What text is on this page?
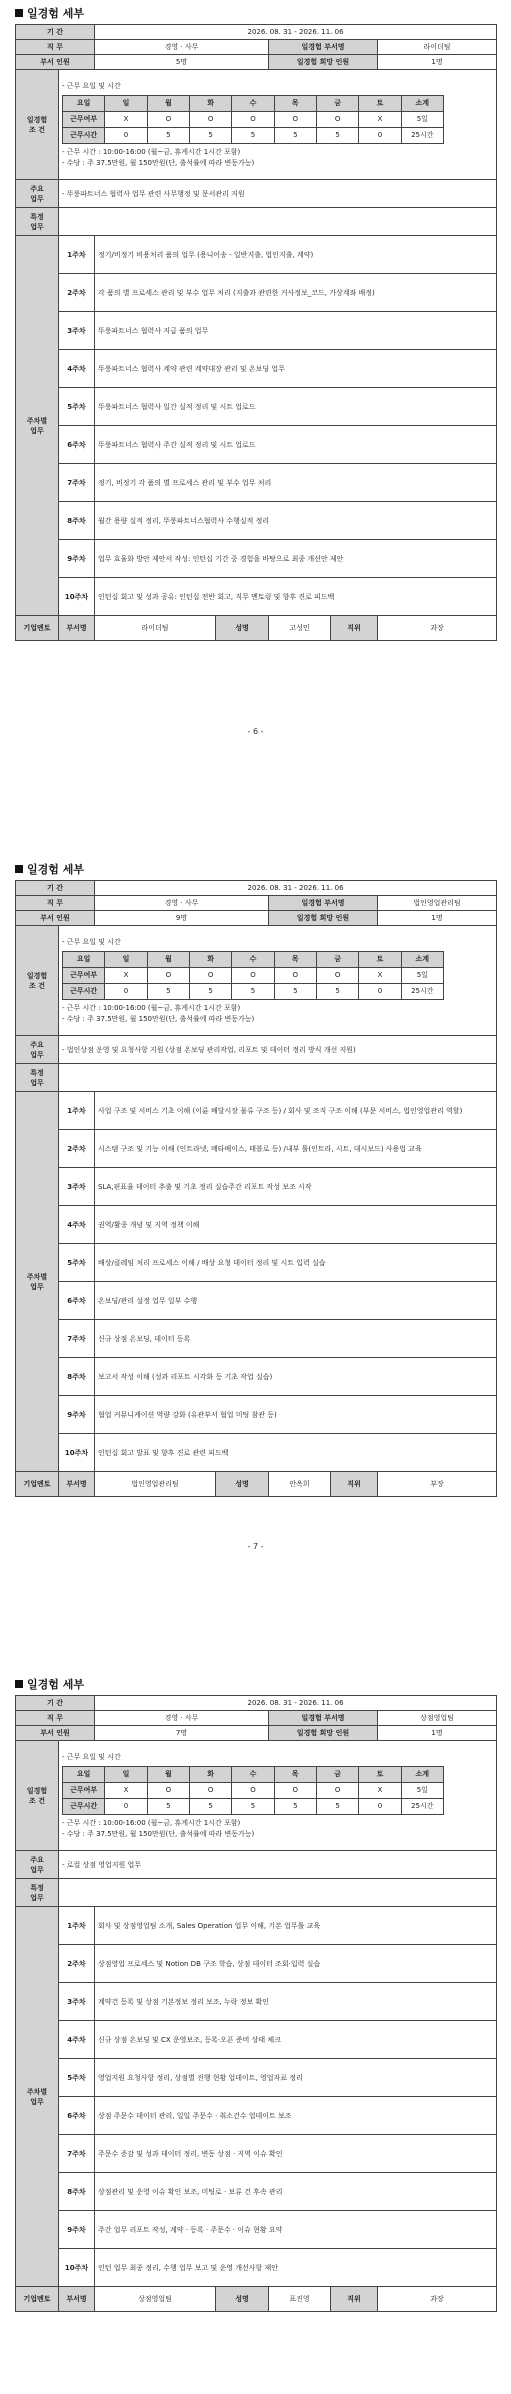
일경험 세부
기 간	2026. 08. 31 - 2026. 11. 06
직 무	경영 · 사무	일경험 부서명	라이더팀
부서 인원	5명	일경험 희망 인원	1명
일경험
조 건	
- 근무 요일 및 시간
요일	일	월	화	수	목	금	토	소계
근무여부	X	O	O	O	O	O	X	5일
근무시간	0	5	5	5	5	5	0	25시간
- 근무 시간 : 10:00-16:00 (월~금, 휴게시간 1시간 포함)
- 수당 : 주 37.5만원, 월 150만원(단, 출석률에 따라 변동가능)

주요
업무	- 뚜룽파트너스 협력사 업무 관련 사무행정 및 문서관리 지원
특정
업무	
주차별
업무	1주차	정기/비정기 비용처리 품의 업무 (용니어송 - 일반지출, 법인지출, 계약)
2주차	각 품의 별 프로세스 관리 및 부수 업무 처리 (지출과 관련한 거사정보_코드, 가상계좌 배정)
3주차	뚜룽파트너스 협력사 지급 품의 업무
4주차	뚜룽파트너스 협력사 계약 관련 계약대장 관리 및 온보딩 업무
5주차	뚜룽파트너스 협력사 일간 실적 정리 및 시트 업로드
6주차	뚜룽파트너스 협력사 주간 실적 정리 및 시트 업로드
7주차	정기, 비정기 각 품의 별 프로세스 관리 및 부수 업무 처리
8주차	월간 용량 실적 정리, 뚜룽파트너스협력사 수행실적 정리
9주차	업무 효율화 방안 제안서 작성: 인턴십 기간 중 경험을 바탕으로 최종 개선안 제안
10주차	인턴십 회고 및 성과 공유: 인턴십 전반 회고, 직무 멘토링 및 향후 진로 피드백
기업멘토	부서명	라이더팀	성명	고성민	직위	과장
- 6 -
일경험 세부
기 간	2026. 08. 31 - 2026. 11. 06
직 무	경영 · 사무	일경험 부서명	법인영업관리팀
부서 인원	9명	일경험 희망 인원	1명
일경험
조 건	
- 근무 요일 및 시간
요일	일	월	화	수	목	금	토	소계
근무여부	X	O	O	O	O	O	X	5일
근무시간	0	5	5	5	5	5	0	25시간
- 근무 시간 : 10:00-16:00 (월~금, 휴게시간 1시간 포함)
- 수당 : 주 37.5만원, 월 150만원(단, 출석률에 따라 변동가능)

주요
업무	- 법인상점 운영 및 요청사항 지원 (상점 온보딩 관리작업, 리포트 및 데이터 정리 방식 개선 지원)
특정
업무	
주차별
업무	1주차	사업 구조 및 서비스 기초 이해 (이륜 배달시장 물류 구조 등) / 회사 및 조직 구조 이해 (부문 서비스, 법인영업관리 역할)
2주차	시스템 구조 및 기능 이해 (인트라넷, 메타베이스, 태블로 등) /내부 툴(인트라, 시트, 대시보드) 사용법 교육
3주차	SLA,핀표율 데이터 추출 및 기초 정리 실습주간 리포트 작성 보조 시작
4주차	권역/활종 개념 및 지역 정책 이해
5주차	배상/클레임 처리 프로세스 이해 / 배상 요청 데이터 정리 및 시트 입력 실습
6주차	온보딩/관리 설정 업무 일부 수행
7주차	신규 상점 온보딩, 데이터 등록
8주차	보고서 작성 이해 (성과 리포트 시각화 등 기초 작업 실습)
9주차	협업 커뮤니케이션 역량 강화 (유관부서 협업 미팅 참관 등)
10주차	인턴십 회고 발표 및 향후 진로 관련 피드백
기업멘토	부서명	법인영업관리팀	성명	안옥희	직위	부장
- 7 -
일경험 세부
기 간	2026. 08. 31 - 2026. 11. 06
직 무	경영 · 사무	일경험 부서명	상점영업팀
부서 인원	7명	일경험 희망 인원	1명
일경험
조 건	
- 근무 요일 및 시간
요일	일	월	화	수	목	금	토	소계
근무여부	X	O	O	O	O	O	X	5일
근무시간	0	5	5	5	5	5	0	25시간
- 근무 시간 : 10:00-16:00 (월~금, 휴게시간 1시간 포함)
- 수당 : 주 37.5만원, 월 150만원(단, 출석률에 따라 변동가능)

주요
업무	- 로컬 상점 영업지원 업무
특정
업무	
주차별
업무	1주차	회사 및 상점영업팀 소개, Sales Operation 업무 이해, 기본 업무툴 교육
2주차	상점영업 프로세스 및 Notion DB 구조 학습, 상점 데이터 조회·입력 실습
3주차	계약건 등록 및 상점 기본정보 정리 보조, 누락 정보 확인
4주차	신규 상점 온보딩 및 CX 운영보조, 등록·오픈 준비 상태 체크
5주차	영업지원 요청사항 정리, 상점별 진행 현황 업데이트, 영업자료 정리
6주차	상점 주문수 데이터 관리, 일일 주문수 · 취소건수 업데이트 보조
7주차	주문수 증감 및 성과 데이터 정리, 변동 상점 · 지역 이슈 확인
8주차	상점관리 및 운영 이슈 확인 보조, 미팅로 · 보류 건 후속 관리
9주차	주간 업무 리포트 작성, 계약 · 등록 · 주문수 · 이슈 현황 요약
10주차	인턴 업무 최종 정리, 수행 업무 보고 및 운영 개선사항 제안
기업멘토	부서명	상점영업팀	성명	표진영	직위	과장
